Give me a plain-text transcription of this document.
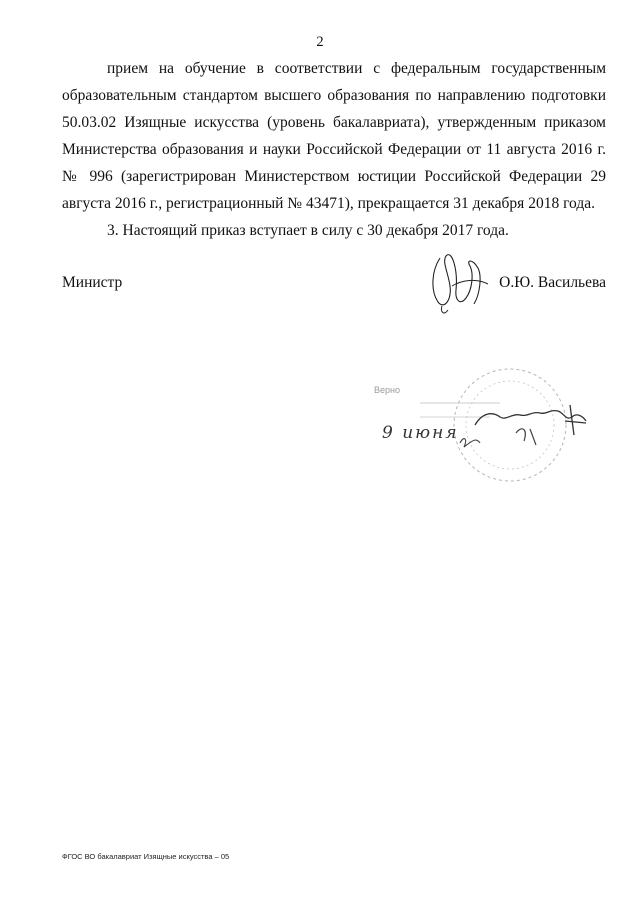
2

прием на обучение в соответствии с федеральным государственным образовательным стандартом высшего образования по направлению подготовки 50.03.02 Изящные искусства (уровень бакалавриата), утвержденным приказом Министерства образования и науки Российской Федерации от 11 августа 2016 г. № 996 (зарегистрирован Министерством юстиции Российской Федерации 29 августа 2016 г., регистрационный № 43471), прекращается 31 декабря 2018 года.

3. Настоящий приказ вступает в силу с 30 декабря 2017 года.

Министр	О.Ю. Васильева
Верно
9 июня
ФГОС ВО бакалавриат Изящные искусства – 05
